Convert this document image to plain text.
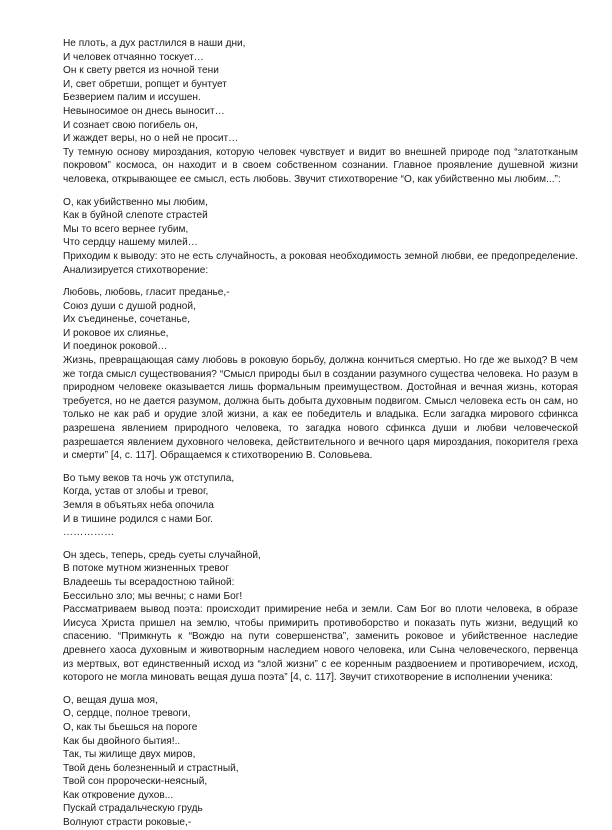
Не плоть, а дух растлился в наши дни,
И человек отчаянно тоскует…
Он к свету рвется из ночной тени
И, свет обретши, ропщет и бунтует
Безверием палим и иссушен.
Невыносимое он днесь выносит…
И сознает свою погибель он,
И жаждет веры, но о ней не просит…
Ту темную основу мироздания, которую человек чувствует и видит во внешней природе под “златотканым покровом” космоса, он находит и в своем собственном сознании. Главное проявление душевной жизни человека, открывающее ее смысл, есть любовь. Звучит стихотворение “О, как убийственно мы любим...”:
О, как убийственно мы любим,
Как в буйной слепоте страстей
Мы то всего вернее губим,
Что сердцу нашему милей…
Приходим к выводу: это не есть случайность, а роковая необходимость земной любви, ее предопределение. Анализируется стихотворение:
Любовь, любовь, гласит преданье,-
Союз души с душой родной,
Их съединенье, сочетанье,
И роковое их слиянье,
И поединок роковой…
Жизнь, превращающая саму любовь в роковую борьбу, должна кончиться смертью. Но где же выход? В чем же тогда смысл существования? “Смысл природы был в создании разумного существа человека. Но разум в природном человеке оказывается лишь формальным преимуществом. Достойная и вечная жизнь, которая требуется, но не дается разумом, должна быть добыта духовным подвигом. Смысл человека есть он сам, но только не как раб и орудие злой жизни, а как ее победитель и владыка. Если загадка мирового сфинкса разрешена явлением природного человека, то загадка нового сфинкса души и любви человеческой разрешается явлением духовного человека, действительного и вечного царя мироздания, покорителя греха и смерти” [4, с. 117]. Обращаемся к стихотворению В. Соловьева.
Во тьму веков та ночь уж отступила,
Когда, устав от злобы и тревог,
Земля в объятьях неба опочила
И в тишине родился с нами Бог.
……………
Он здесь, теперь, средь суеты случайной,
В потоке мутном жизненных тревог
Владеешь ты всерадостною тайной:
Бессильно зло; мы вечны; с нами Бог!
Рассматриваем вывод поэта: происходит примирение неба и земли. Сам Бог во плоти человека, в образе Иисуса Христа пришел на землю, чтобы примирить противоборство и показать путь жизни, ведущий ко спасению. “Примкнуть к “Вождю на пути совершенства”, заменить роковое и убийственное наследие древнего хаоса духовным и животворным наследием нового человека, или Сына человеческого, первенца из мертвых, вот единственный исход из “злой жизни” с ее коренным раздвоением и противоречием, исход, которого не могла миновать вещая душа поэта” [4, с. 117]. Звучит стихотворение в исполнении ученика:
О, вещая душа моя,
О, сердце, полное тревоги,
О, как ты бьешься на пороге
Как бы двойного бытия!..
Так, ты жилище двух миров,
Твой день болезненный и страстный,
Твой сон пророчески-неясный,
Как откровение духов...
Пускай страдальческую грудь
Волнуют страсти роковые,-
